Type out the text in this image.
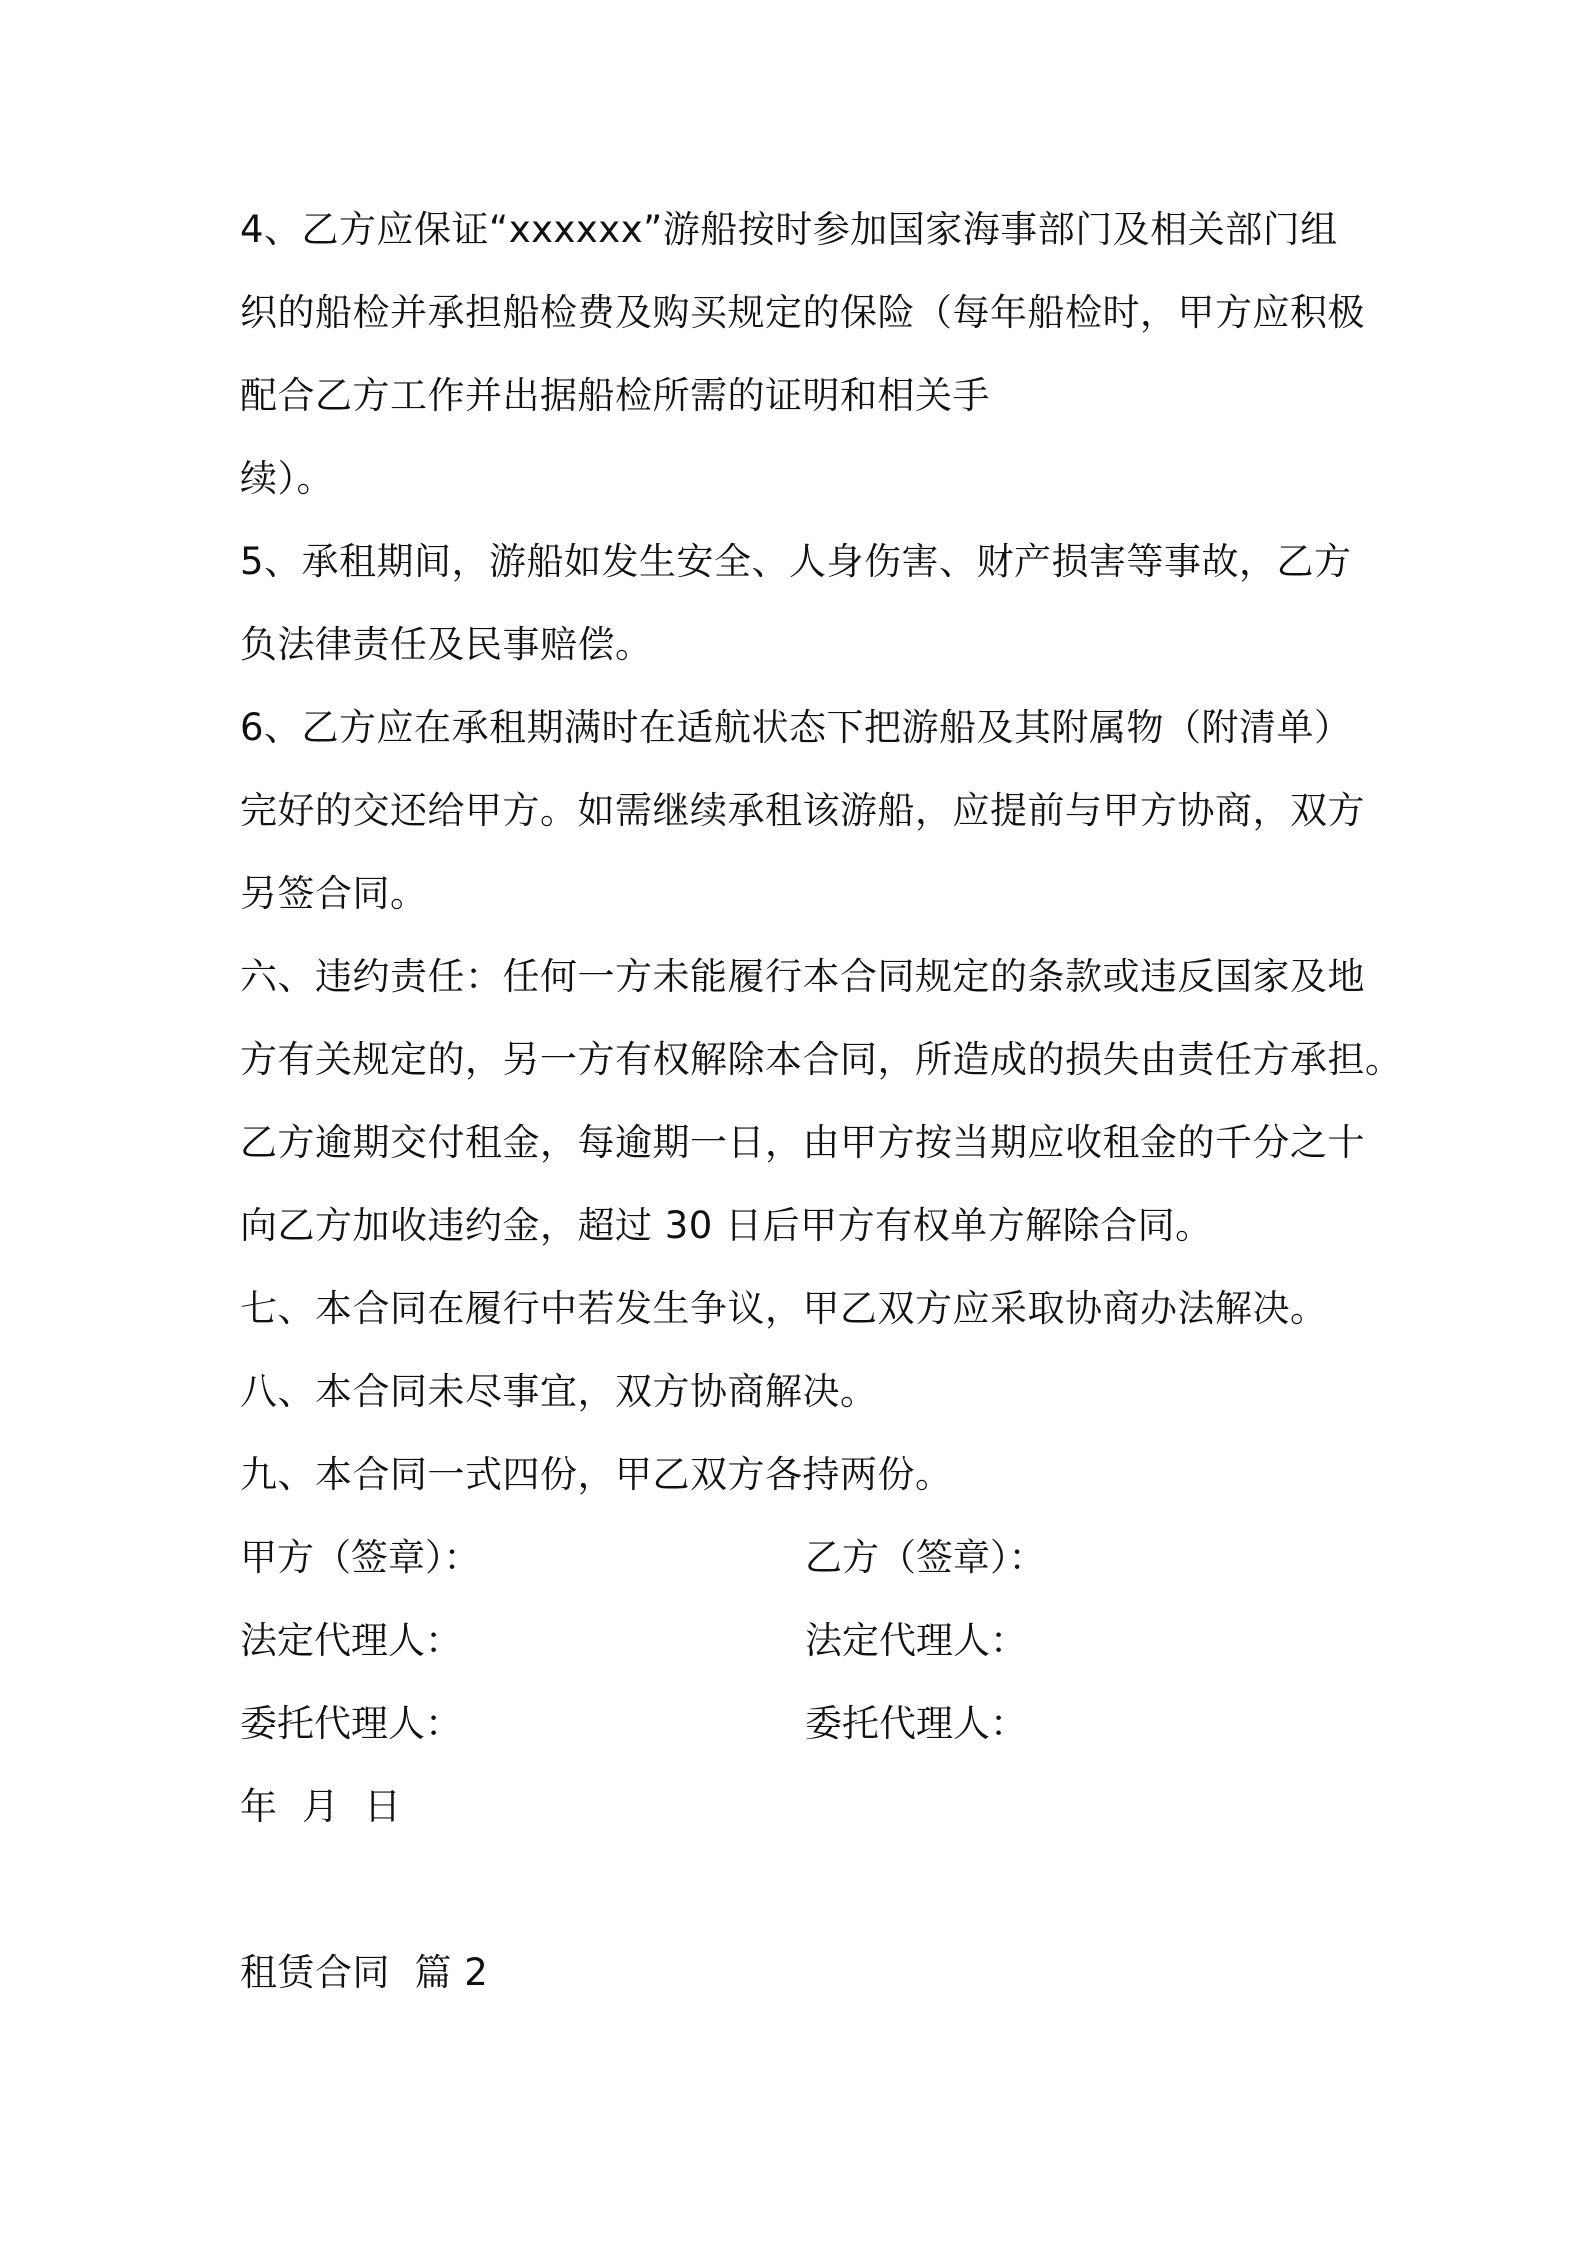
4、乙方应保证“xxxxxx”游船按时参加国家海事部门及相关部门组
织的船检并承担船检费及购买规定的保险（每年船检时，甲方应积极
配合乙方工作并出据船检所需的证明和相关手
续）。
5、承租期间，游船如发生安全、人身伤害、财产损害等事故，乙方
负法律责任及民事赔偿。
6、乙方应在承租期满时在适航状态下把游船及其附属物（附清单）
完好的交还给甲方。如需继续承租该游船，应提前与甲方协商，双方
另签合同。
六、违约责任：任何一方未能履行本合同规定的条款或违反国家及地
方有关规定的，另一方有权解除本合同，所造成的损失由责任方承担。
乙方逾期交付租金，每逾期一日，由甲方按当期应收租金的千分之十
向乙方加收违约金，超过 30 日后甲方有权单方解除合同。
七、本合同在履行中若发生争议，甲乙双方应采取协商办法解决。
八、本合同未尽事宜，双方协商解决。
九、本合同一式四份，甲乙双方各持两份。
甲方（签章）：	乙方（签章）：
法定代理人：	法定代理人：
委托代理人：	委托代理人：
年  月  日
租赁合同  篇 2
